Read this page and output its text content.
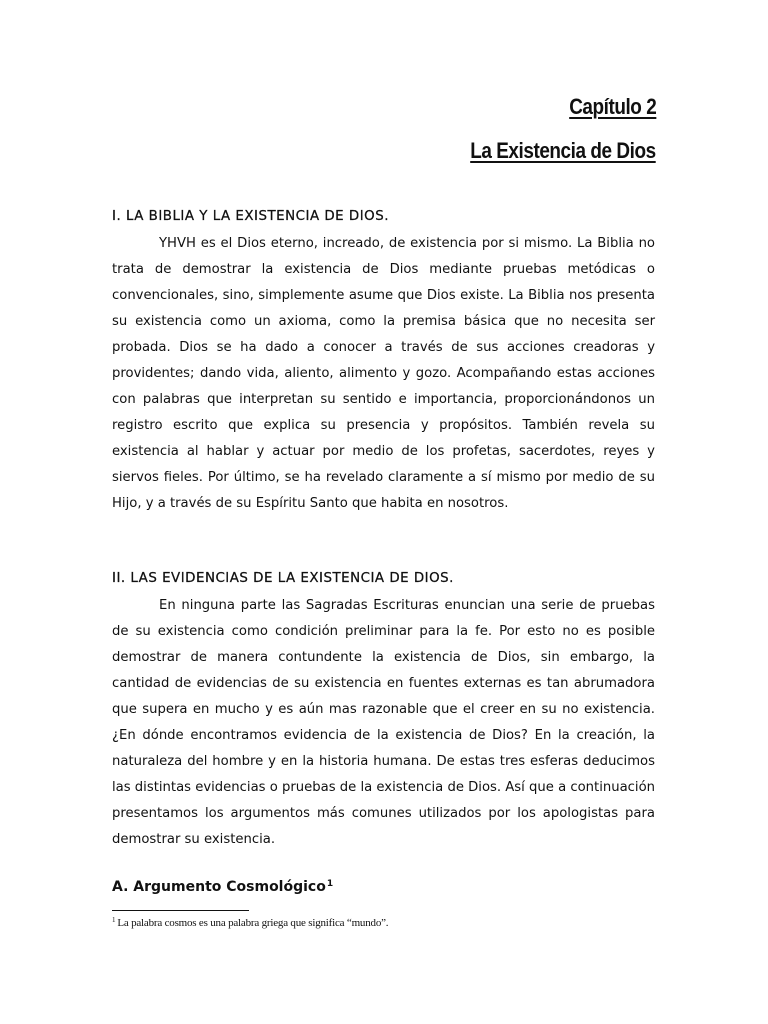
Capítulo 2
La Existencia de Dios
I. LA BIBLIA Y LA EXISTENCIA DE DIOS.

YHVH es el Dios eterno, increado, de existencia por si mismo. La Biblia no trata de demostrar la existencia de Dios mediante pruebas metódicas o convencionales, sino, simplemente asume que Dios existe. La Biblia nos presenta su existencia como un axioma, como la premisa básica que no necesita ser probada. Dios se ha dado a conocer a través de sus acciones creadoras y providentes; dando vida, aliento, alimento y gozo. Acompañando estas acciones con palabras que interpretan su sentido e importancia, proporcionándonos un registro escrito que explica su presencia y propósitos. También revela su existencia al hablar y actuar por medio de los profetas, sacerdotes, reyes y siervos fieles. Por último, se ha revelado claramente a sí mismo por medio de su Hijo, y a través de su Espíritu Santo que habita en nosotros.

II. LAS EVIDENCIAS DE LA EXISTENCIA DE DIOS.

En ninguna parte las Sagradas Escrituras enuncian una serie de pruebas de su existencia como condición preliminar para la fe. Por esto no es posible demostrar de manera contundente la existencia de Dios, sin embargo, la cantidad de evidencias de su existencia en fuentes externas es tan abrumadora que supera en mucho y es aún mas razonable que el creer en su no existencia. ¿En dónde encontramos evidencia de la existencia de Dios? En la creación, la naturaleza del hombre y en la historia humana. De estas tres esferas deducimos las distintas evidencias o pruebas de la existencia de Dios. Así que a continuación presentamos los argumentos más comunes utilizados por los apologistas para demostrar su existencia.

A. Argumento Cosmológico$^1$

$^1$ La palabra cosmos es una palabra griega que significa “mundo”.
